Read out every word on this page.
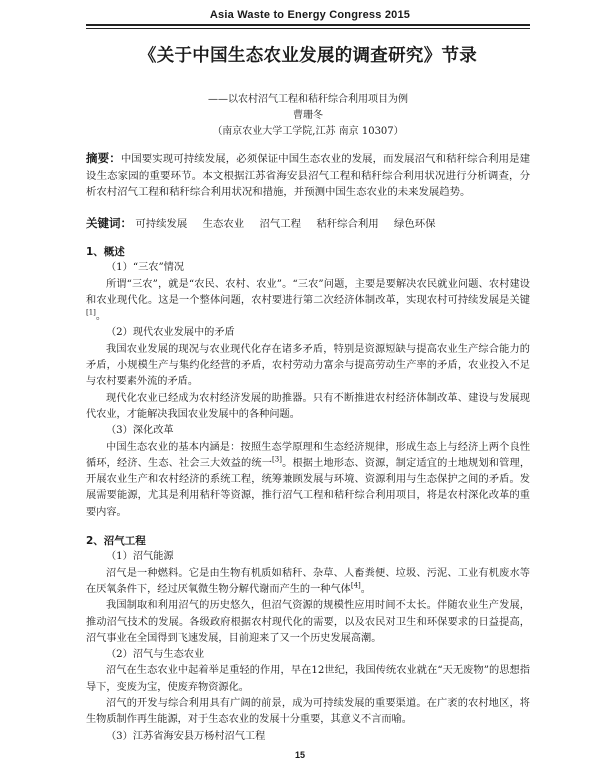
Asia Waste to Energy Congress 2015
《关于中国生态农业发展的调查研究》节录
——以农村沼气工程和秸秆综合利用项目为例
曹珊冬
（南京农业大学工学院,江苏 南京 10307）
摘要：中国要实现可持续发展，必须保证中国生态农业的发展，而发展沼气和秸秆综合利用是建设生态家园的重要环节。本文根据江苏省海安县沼气工程和秸秆综合利用状况进行分析调查，分析农村沼气工程和秸秆综合利用状况和措施，并预测中国生态农业的未来发展趋势。
关键词： 可持续发展 生态农业 沼气工程 秸秆综合利用 绿色环保
1、概述
（1）“三农”情况
所谓“三农”，就是“农民、农村、农业”。“三农”问题，主要是要解决农民就业问题、农村建设和农业现代化。这是一个整体问题，农村要进行第二次经济体制改革，实现农村可持续发展是关键[1]。
（2）现代农业发展中的矛盾
我国农业发展的现况与农业现代化存在诸多矛盾，特别是资源短缺与提高农业生产综合能力的矛盾，小规模生产与集约化经营的矛盾，农村劳动力富余与提高劳动生产率的矛盾，农业投入不足与农村要素外流的矛盾。
现代化农业已经成为农村经济发展的助推器。只有不断推进农村经济体制改革、建设与发展现代农业，才能解决我国农业发展中的各种问题。
（3）深化改革
中国生态农业的基本内涵是：按照生态学原理和生态经济规律，形成生态上与经济上两个良性循环，经济、生态、社会三大效益的统一[3]。根据土地形态、资源，制定适宜的土地规划和管理，开展农业生产和农村经济的系统工程，统筹兼顾发展与环境、资源利用与生态保护之间的矛盾。发展需要能源，尤其是利用秸秆等资源，推行沼气工程和秸秆综合利用项目，将是农村深化改革的重要内容。
2、沼气工程
（1）沼气能源
沼气是一种燃料。它是由生物有机质如秸秆、杂草、人畜粪便、垃圾、污泥、工业有机废水等在厌氧条件下，经过厌氧微生物分解代谢而产生的一种气体[4]。
我国制取和利用沼气的历史悠久，但沼气资源的规模性应用时间不太长。伴随农业生产发展，推动沼气技术的发展。各级政府根据农村现代化的需要，以及农民对卫生和环保要求的日益提高，沼气事业在全国得到飞速发展，目前迎来了又一个历史发展高潮。
（2）沼气与生态农业
沼气在生态农业中起着举足重轻的作用，早在12世纪，我国传统农业就在“天无废物”的思想指导下，变废为宝，使废弃物资源化。
沼气的开发与综合利用具有广阔的前景，成为可持续发展的重要渠道。在广袤的农村地区，将生物质制作再生能源，对于生态农业的发展十分重要，其意义不言而喻。
（3）江苏省海安县万杨村沼气工程
15
